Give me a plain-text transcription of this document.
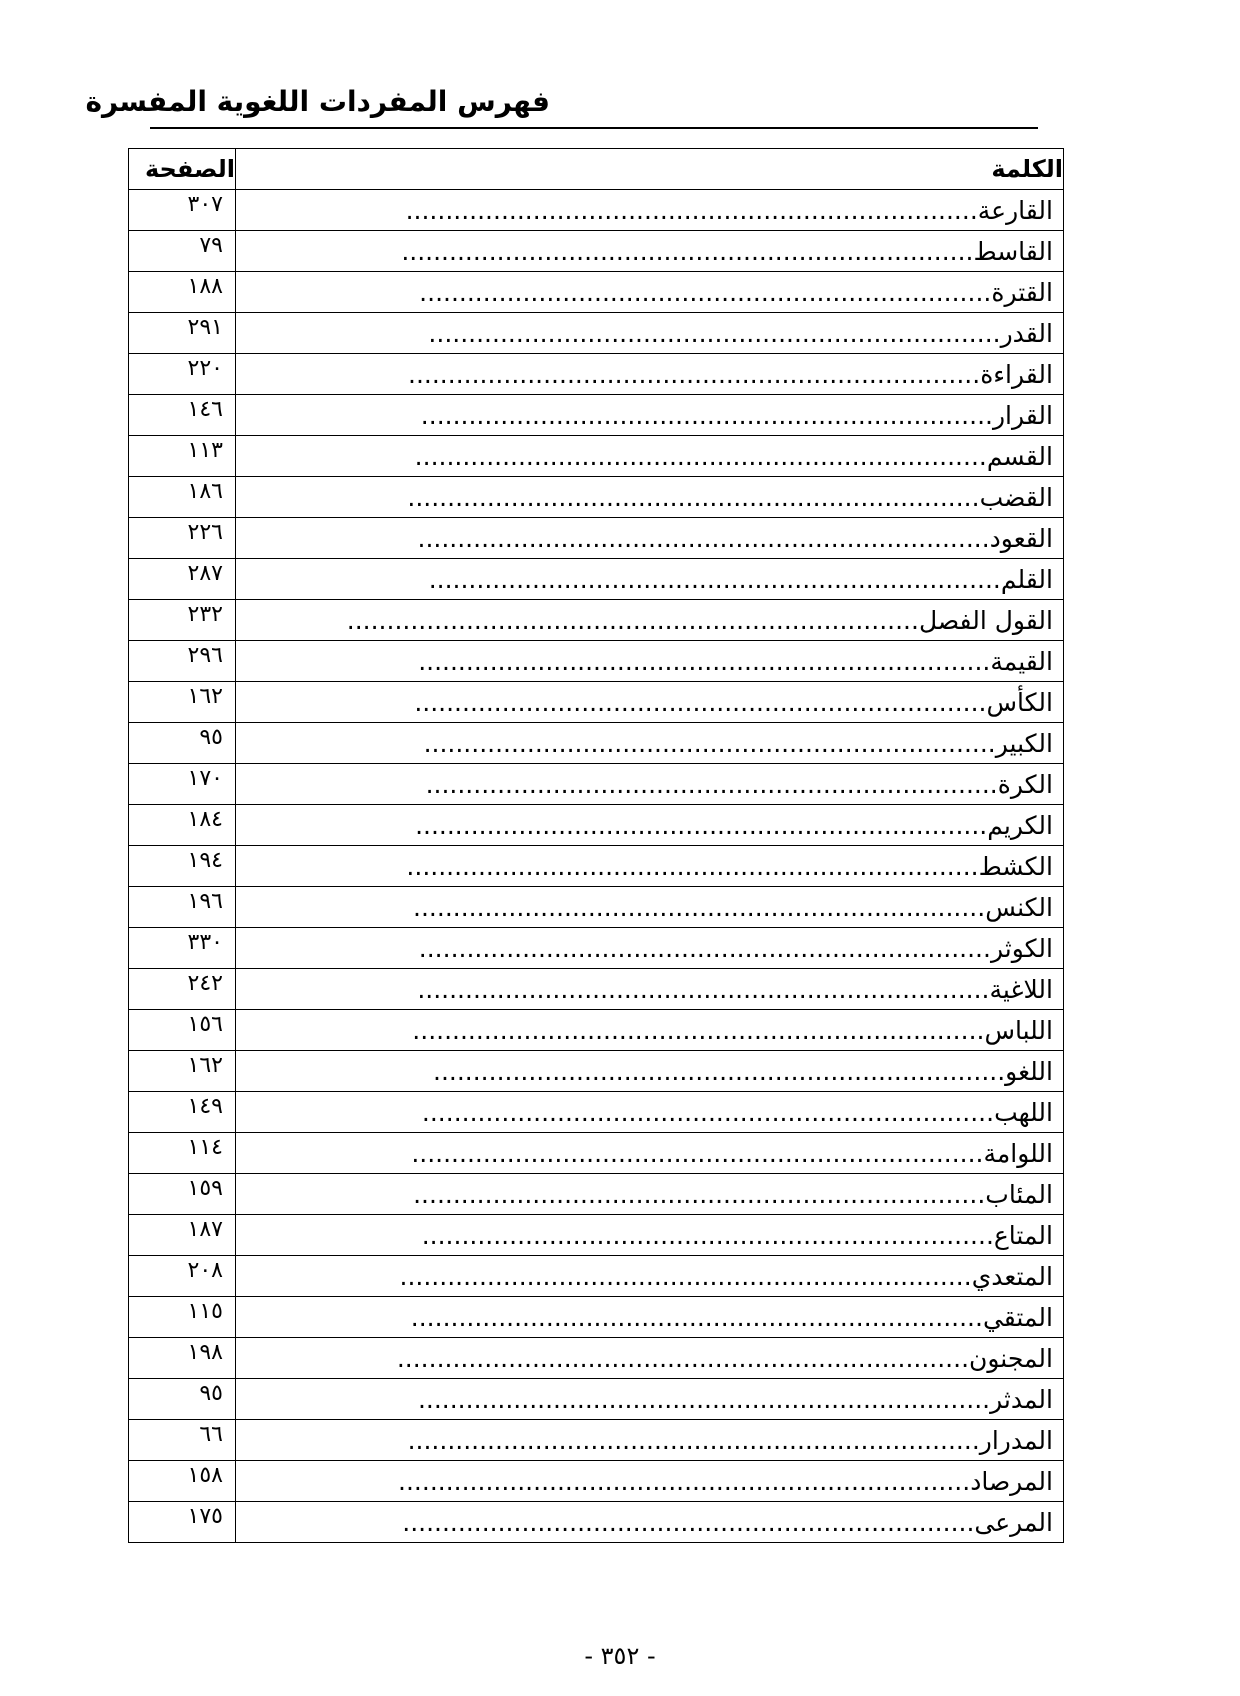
فهرس المفردات اللغوية المفسرة
الصفحة	الكلمة
٣٠٧	القارعة........................................................................
٧٩	القاسط........................................................................
١٨٨	القترة........................................................................
٢٩١	القدر........................................................................
٢٢٠	القراءة........................................................................
١٤٦	القرار........................................................................
١١٣	القسم........................................................................
١٨٦	القضب........................................................................
٢٢٦	القعود........................................................................
٢٨٧	القلم........................................................................
٢٣٢	القول الفصل........................................................................
٢٩٦	القيمة........................................................................
١٦٢	الكأس........................................................................
٩٥	الكبير........................................................................
١٧٠	الكرة........................................................................
١٨٤	الكريم........................................................................
١٩٤	الكشط........................................................................
١٩٦	الكنس........................................................................
٣٣٠	الكوثر........................................................................
٢٤٢	اللاغية........................................................................
١٥٦	اللباس........................................................................
١٦٢	اللغو........................................................................
١٤٩	اللهب........................................................................
١١٤	اللوامة........................................................................
١٥٩	المئاب........................................................................
١٨٧	المتاع........................................................................
٢٠٨	المتعدي........................................................................
١١٥	المتقي........................................................................
١٩٨	المجنون........................................................................
٩٥	المدثر........................................................................
٦٦	المدرار........................................................................
١٥٨	المرصاد........................................................................
١٧٥	المرعى........................................................................
- ٣٥٢ -
